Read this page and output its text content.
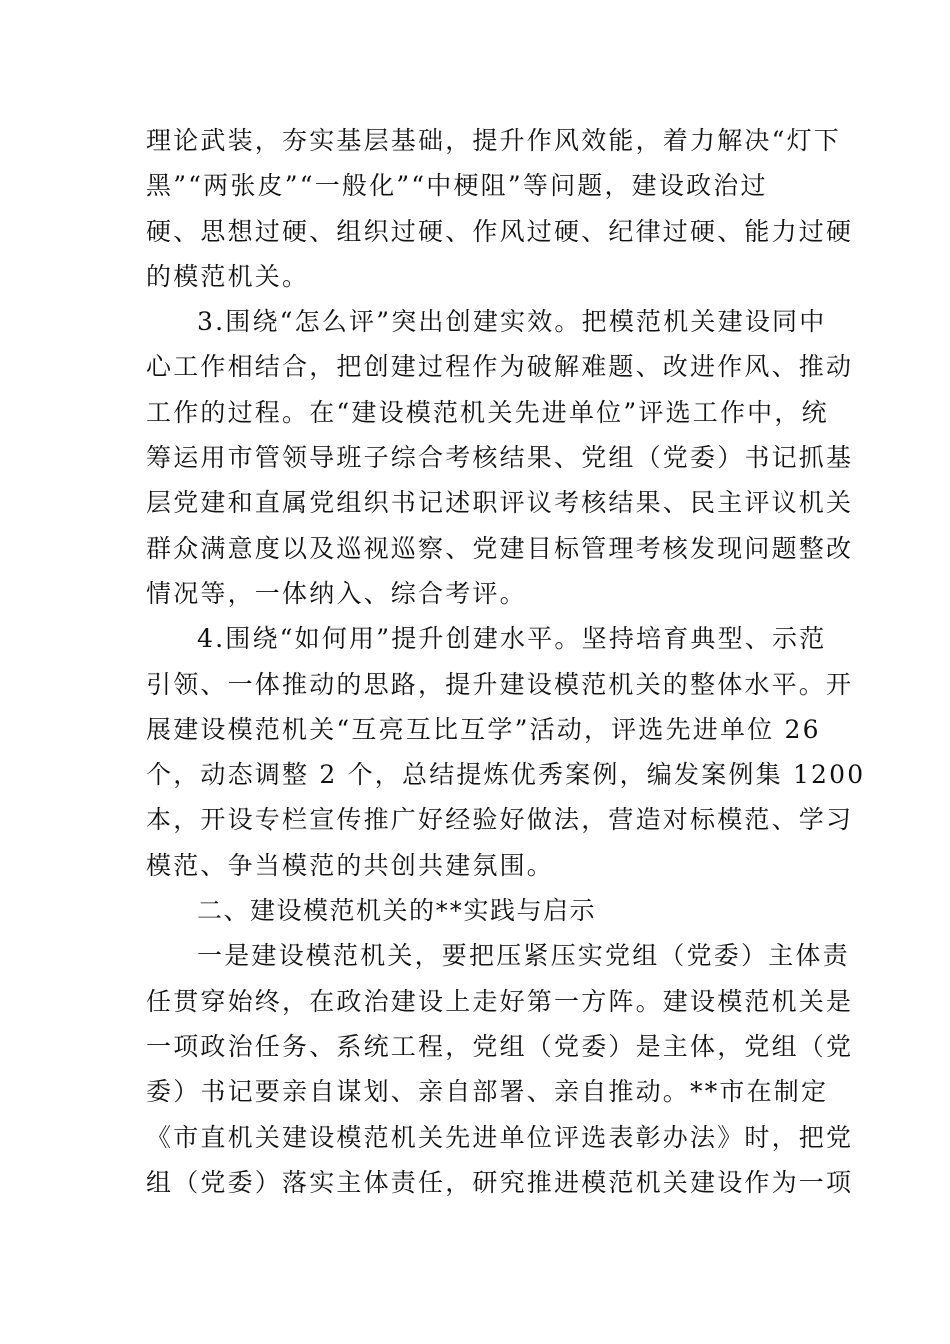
理论武装，夯实基层基础，提升作风效能，着力解决“灯下
黑”“两张皮”“一般化”“中梗阻”等问题，建设政治过
硬、思想过硬、组织过硬、作风过硬、纪律过硬、能力过硬
的模范机关。
3.围绕“怎么评”突出创建实效。把模范机关建设同中
心工作相结合，把创建过程作为破解难题、改进作风、推动
工作的过程。在“建设模范机关先进单位”评选工作中，统
筹运用市管领导班子综合考核结果、党组（党委）书记抓基
层党建和直属党组织书记述职评议考核结果、民主评议机关
群众满意度以及巡视巡察、党建目标管理考核发现问题整改
情况等，一体纳入、综合考评。
4.围绕“如何用”提升创建水平。坚持培育典型、示范
引领、一体推动的思路，提升建设模范机关的整体水平。开
展建设模范机关“互亮互比互学”活动，评选先进单位 26
个，动态调整 2 个，总结提炼优秀案例，编发案例集 1200
本，开设专栏宣传推广好经验好做法，营造对标模范、学习
模范、争当模范的共创共建氛围。
二、建设模范机关的**实践与启示
一是建设模范机关，要把压紧压实党组（党委）主体责
任贯穿始终，在政治建设上走好第一方阵。建设模范机关是
一项政治任务、系统工程，党组（党委）是主体，党组（党
委）书记要亲自谋划、亲自部署、亲自推动。**市在制定
《市直机关建设模范机关先进单位评选表彰办法》时，把党
组（党委）落实主体责任，研究推进模范机关建设作为一项
